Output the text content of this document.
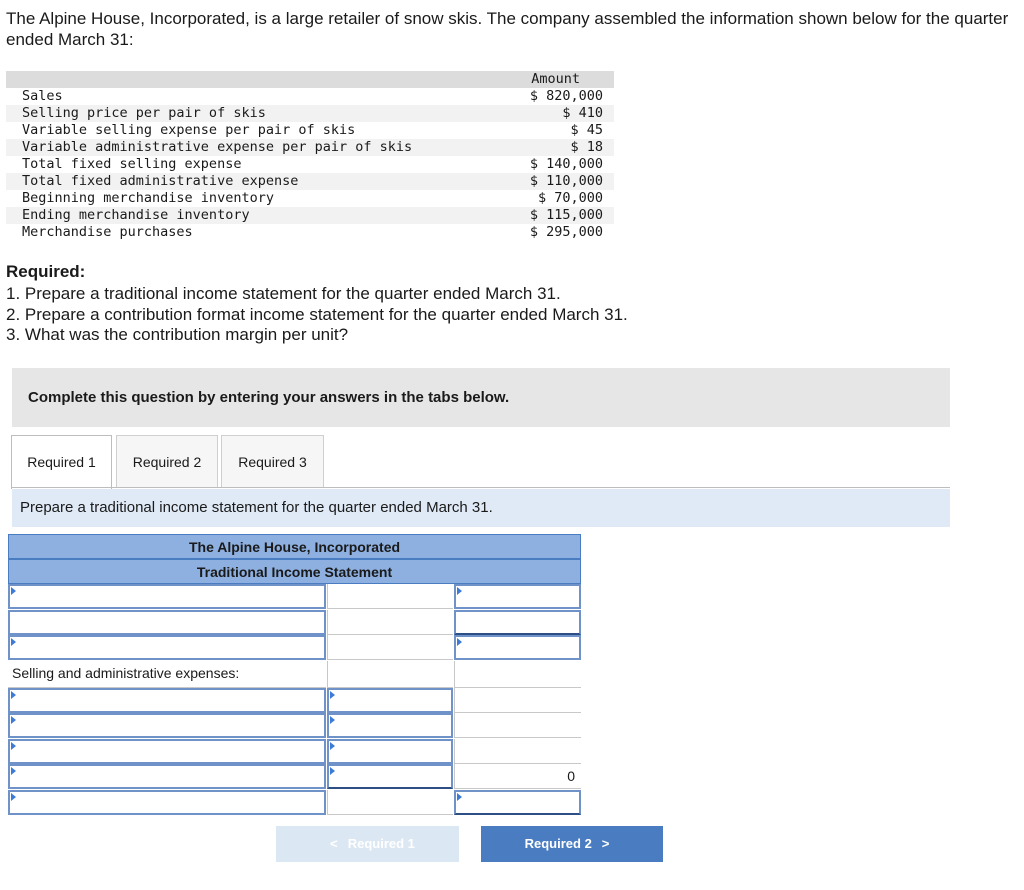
The Alpine House, Incorporated, is a large retailer of snow skis. The company assembled the information shown below for the quarter ended March 31:
Amount
Sales	$ 820,000
Selling price per pair of skis	$ 410
Variable selling expense per pair of skis	$ 45
Variable administrative expense per pair of skis	$ 18
Total fixed selling expense	$ 140,000
Total fixed administrative expense	$ 110,000
Beginning merchandise inventory	$ 70,000
Ending merchandise inventory	$ 115,000
Merchandise purchases	$ 295,000
Required:
1. Prepare a traditional income statement for the quarter ended March 31.
2. Prepare a contribution format income statement for the quarter ended March 31.
3. What was the contribution margin per unit?
Complete this question by entering your answers in the tabs below.
Required 1	Required 2	Required 3
Prepare a traditional income statement for the quarter ended March 31.
The Alpine House, Incorporated
Traditional Income Statement
Selling and administrative expenses:
0
< Required 1	Required 2 >
